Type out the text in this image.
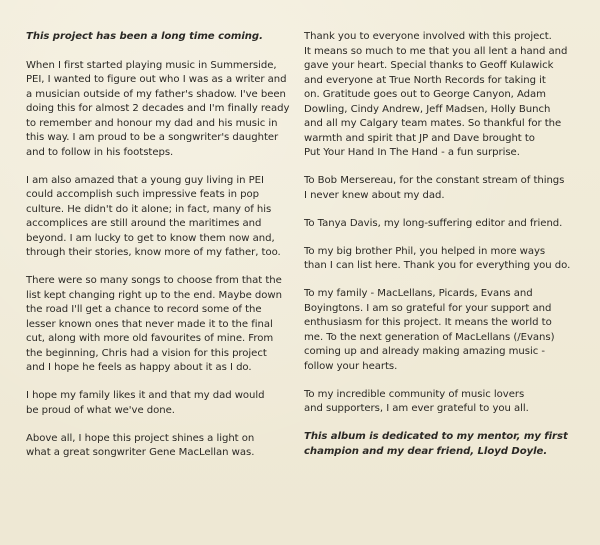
This project has been a long time coming.

When I first started playing music in Summerside,
PEI, I wanted to figure out who I was as a writer and
a musician outside of my father's shadow. I've been
doing this for almost 2 decades and I'm finally ready
to remember and honour my dad and his music in
this way. I am proud to be a songwriter's daughter
and to follow in his footsteps.

I am also amazed that a young guy living in PEI
could accomplish such impressive feats in pop
culture. He didn't do it alone; in fact, many of his
accomplices are still around the maritimes and
beyond. I am lucky to get to know them now and,
through their stories, know more of my father, too.

There were so many songs to choose from that the
list kept changing right up to the end. Maybe down
the road I'll get a chance to record some of the
lesser known ones that never made it to the final
cut, along with more old favourites of mine. From
the beginning, Chris had a vision for this project
and I hope he feels as happy about it as I do.

I hope my family likes it and that my dad would
be proud of what we've done.

Above all, I hope this project shines a light on
what a great songwriter Gene MacLellan was.

Thank you to everyone involved with this project.
It means so much to me that you all lent a hand and
gave your heart. Special thanks to Geoff Kulawick
and everyone at True North Records for taking it
on. Gratitude goes out to George Canyon, Adam
Dowling, Cindy Andrew, Jeff Madsen, Holly Bunch
and all my Calgary team mates. So thankful for the
warmth and spirit that JP and Dave brought to
Put Your Hand In The Hand - a fun surprise.

To Bob Mersereau, for the constant stream of things
I never knew about my dad.

To Tanya Davis, my long-suffering editor and friend.

To my big brother Phil, you helped in more ways
than I can list here. Thank you for everything you do.

To my family - MacLellans, Picards, Evans and
Boyingtons. I am so grateful for your support and
enthusiasm for this project. It means the world to
me. To the next generation of MacLellans (/Evans)
coming up and already making amazing music -
follow your hearts.

To my incredible community of music lovers
and supporters, I am ever grateful to you all.

This album is dedicated to my mentor, my first
champion and my dear friend, Lloyd Doyle.
